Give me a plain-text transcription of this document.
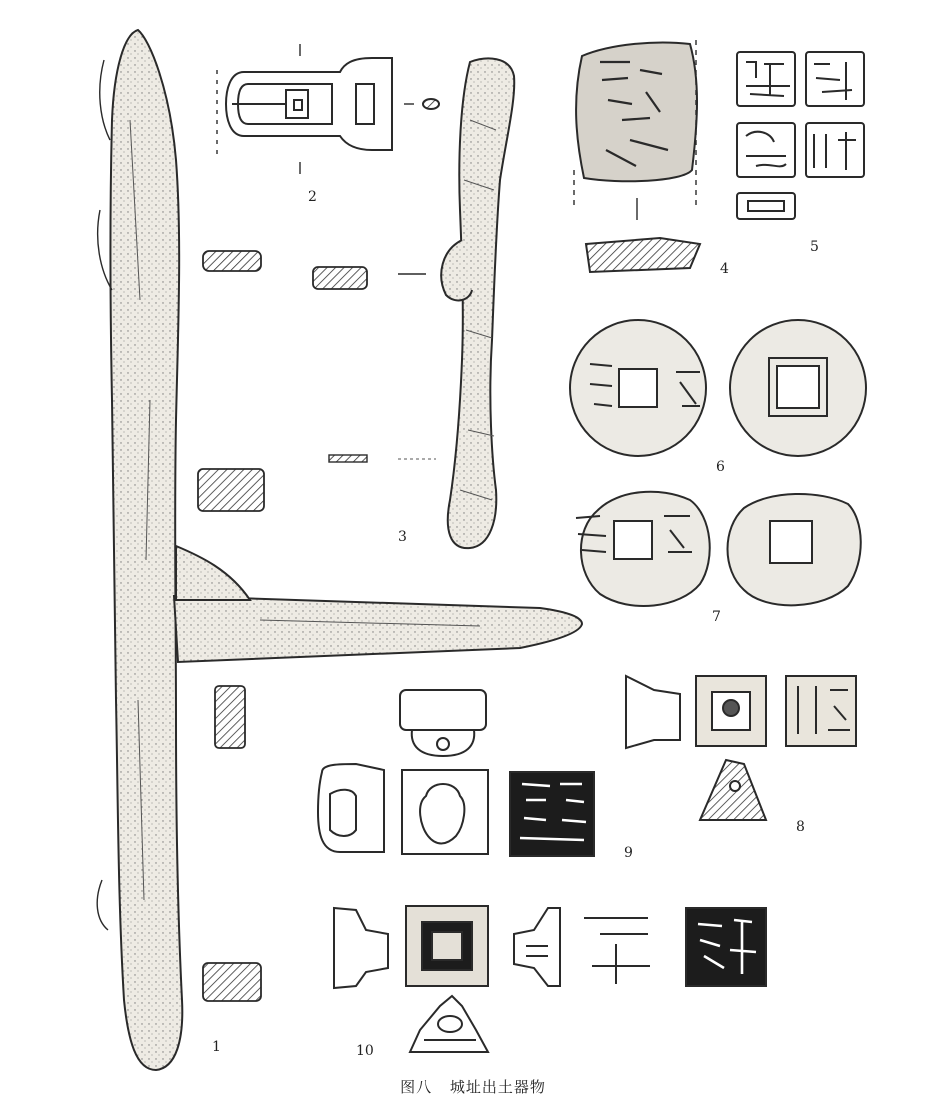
1
2
3
4
5
6
7
8
9
10
图八 城址出土器物
